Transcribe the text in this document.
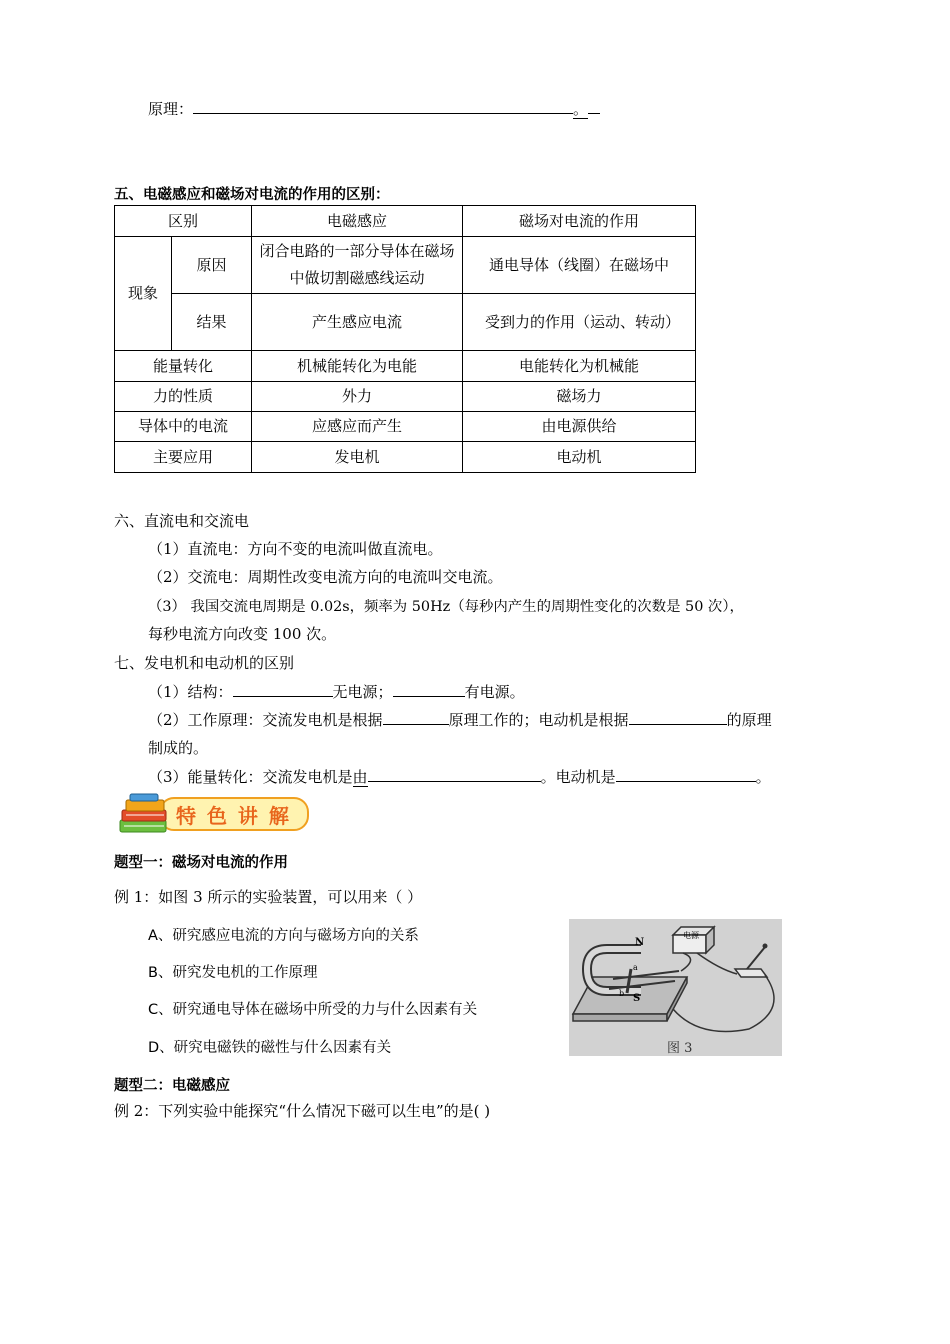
原理：	。
五、电磁感应和磁场对电流的作用的区别：
区别		电磁感应	磁场对电流的作用
现象	原因	闭合电路的一部分导体在磁场中做切割磁感线运动	通电导体（线圈）在磁场中
	结果	产生感应电流	受到力的作用（运动、转动）
能量转化		机械能转化为电能	电能转化为机械能
力的性质		外力	磁场力
导体中的电流		应感应而产生	由电源供给
主要应用		发电机	电动机
六、直流电和交流电
（1）直流电：方向不变的电流叫做直流电。
（2）交流电：周期性改变电流方向的电流叫交电流。
（3） 我国交流电周期是 0.02s，频率为 50Hz（每秒内产生的周期性变化的次数是 50 次），
每秒电流方向改变 100 次。
七、发电机和电动机的区别
（1）结构：	无电源；	有电源。
（2）工作原理：交流发电机是根据	原理工作的；电动机是根据	的原理
制成的。
（3）能量转化：交流发电机是由	。电动机是	。
特 色 讲 解
题型一：磁场对电流的作用
例 1：如图 3 所示的实验装置，可以用来（ ）
A、研究感应电流的方向与磁场方向的关系
B、研究发电机的工作原理
C、研究通电导体在磁场中所受的力与什么因素有关
D、研究电磁铁的磁性与什么因素有关
电源
N
S
a
b
图 3
题型二：电磁感应
例 2：下列实验中能探究“什么情况下磁可以生电”的是( )
